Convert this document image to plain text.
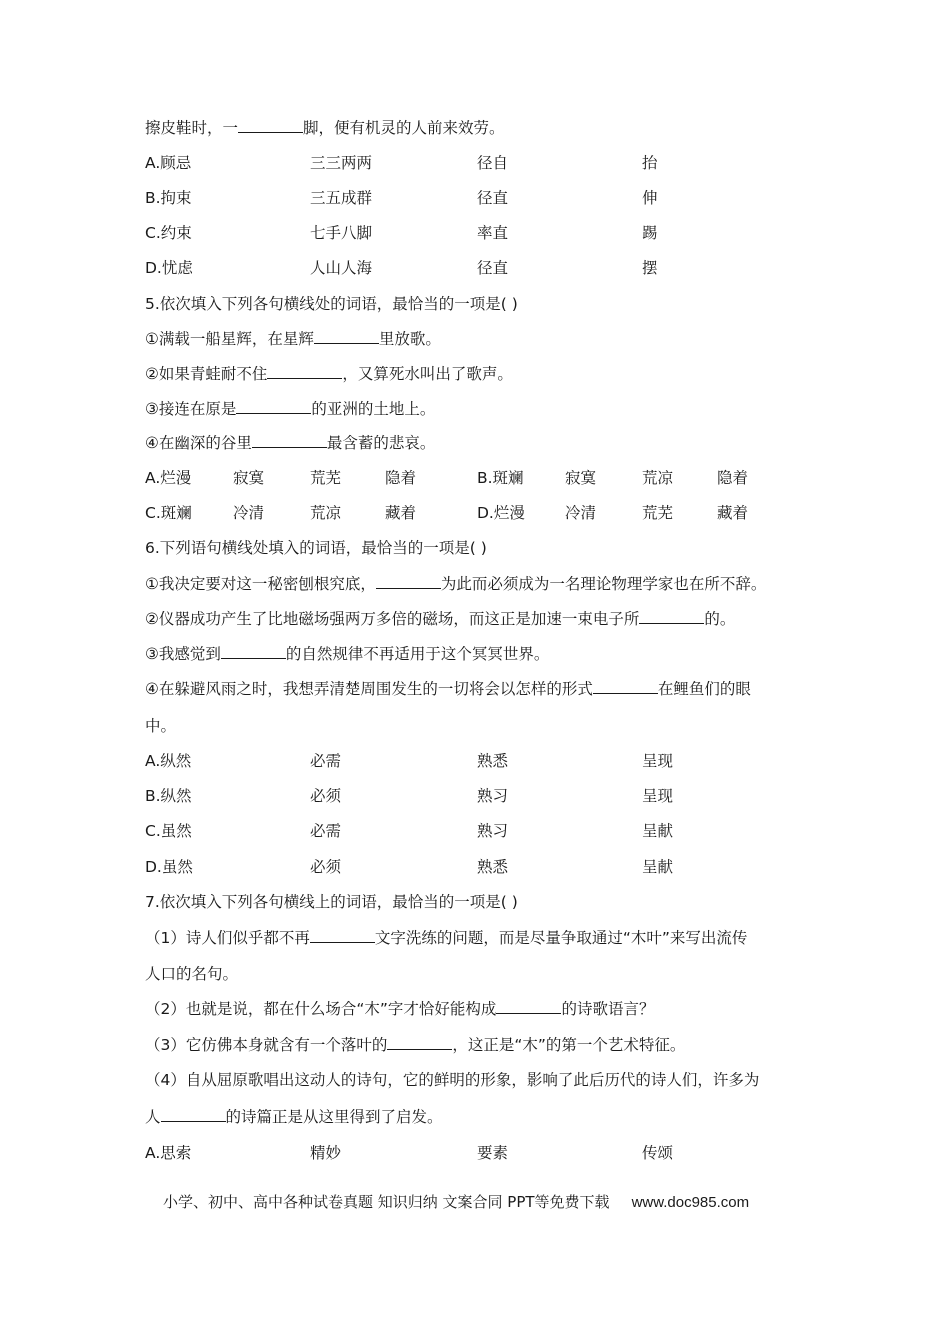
擦皮鞋时，一	脚，便有机灵的人前来效劳。
A.顾忌	三三两两	径自	抬
B.拘束	三五成群	径直	伸
C.约束	七手八脚	率直	踢
D.忧虑	人山人海	径直	摆
5.依次填入下列各句横线处的词语，最恰当的一项是( )
①满载一船星辉，在星辉	里放歌。
②如果青蛙耐不住	，又算死水叫出了歌声。
③接连在原是	的亚洲的土地上。
④在幽深的谷里	最含蓄的悲哀。
A.烂漫	寂寞	荒芜	隐着	B.斑斓	寂寞	荒凉	隐着
C.斑斓	冷清	荒凉	藏着	D.烂漫	冷清	荒芜	藏着
6.下列语句横线处填入的词语，最恰当的一项是( )
①我决定要对这一秘密刨根究底，	为此而必须成为一名理论物理学家也在所不辞。
②仪器成功产生了比地磁场强两万多倍的磁场，而这正是加速一束电子所	的。
③我感觉到	的自然规律不再适用于这个冥冥世界。
④在躲避风雨之时，我想弄清楚周围发生的一切将会以怎样的形式	在鲤鱼们的眼
中。
A.纵然	必需	熟悉	呈现
B.纵然	必须	熟习	呈现
C.虽然	必需	熟习	呈献
D.虽然	必须	熟悉	呈献
7.依次填入下列各句横线上的词语，最恰当的一项是( )
（1）诗人们似乎都不再	文字洗练的问题，而是尽量争取通过“木叶”来写出流传
人口的名句。
（2）也就是说，都在什么场合“木”字才恰好能构成	的诗歌语言？
（3）它仿佛本身就含有一个落叶的	，这正是“木”的第一个艺术特征。
（4）自从屈原歌唱出这动人的诗句，它的鲜明的形象，影响了此后历代的诗人们，许多为
人	的诗篇正是从这里得到了启发。
A.思索	精妙	要素	传颂
小学、初中、高中各种试卷真题 知识归纳 文案合同 PPT等免费下载 www.doc985.com
